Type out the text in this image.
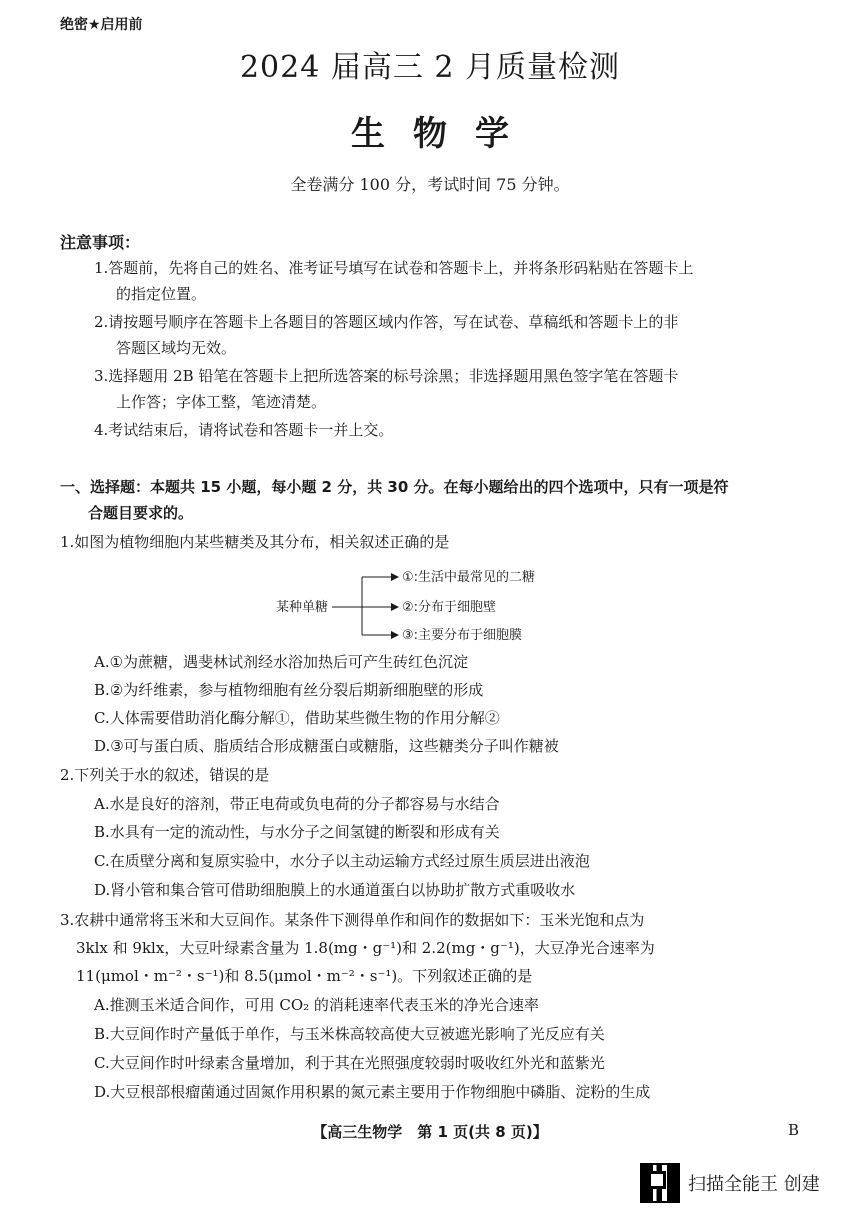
绝密★启用前
2024 届高三 2 月质量检测
生物学
全卷满分 100 分，考试时间 75 分钟。
注意事项：
1.答题前，先将自己的姓名、准考证号填写在试卷和答题卡上，并将条形码粘贴在答题卡上
的指定位置。
2.请按题号顺序在答题卡上各题目的答题区域内作答，写在试卷、草稿纸和答题卡上的非
答题区域均无效。
3.选择题用 2B 铅笔在答题卡上把所选答案的标号涂黑；非选择题用黑色签字笔在答题卡
上作答；字体工整，笔迹清楚。
4.考试结束后，请将试卷和答题卡一并上交。
一、选择题：本题共 15 小题，每小题 2 分，共 30 分。在每小题给出的四个选项中，只有一项是符
合题目要求的。
1.如图为植物细胞内某些糖类及其分布，相关叙述正确的是
某种单糖
①:生活中最常见的二糖
②:分布于细胞壁
③:主要分布于细胞膜
A.①为蔗糖，遇斐林试剂经水浴加热后可产生砖红色沉淀
B.②为纤维素，参与植物细胞有丝分裂后期新细胞壁的形成
C.人体需要借助消化酶分解①，借助某些微生物的作用分解②
D.③可与蛋白质、脂质结合形成糖蛋白或糖脂，这些糖类分子叫作糖被
2.下列关于水的叙述，错误的是
A.水是良好的溶剂，带正电荷或负电荷的分子都容易与水结合
B.水具有一定的流动性，与水分子之间氢键的断裂和形成有关
C.在质壁分离和复原实验中，水分子以主动运输方式经过原生质层进出液泡
D.肾小管和集合管可借助细胞膜上的水通道蛋白以协助扩散方式重吸收水
3.农耕中通常将玉米和大豆间作。某条件下测得单作和间作的数据如下：玉米光饱和点为
3klx 和 9klx，大豆叶绿素含量为 1.8(mg・g⁻¹)和 2.2(mg・g⁻¹)，大豆净光合速率为
11(μmol・m⁻²・s⁻¹)和 8.5(μmol・m⁻²・s⁻¹)。下列叙述正确的是
A.推测玉米适合间作，可用 CO₂ 的消耗速率代表玉米的净光合速率
B.大豆间作时产量低于单作，与玉米株高较高使大豆被遮光影响了光反应有关
C.大豆间作时叶绿素含量增加，利于其在光照强度较弱时吸收红外光和蓝紫光
D.大豆根部根瘤菌通过固氮作用积累的氮元素主要用于作物细胞中磷脂、淀粉的生成
【高三生物学　第 1 页(共 8 页)】	B
扫描全能王 创建
